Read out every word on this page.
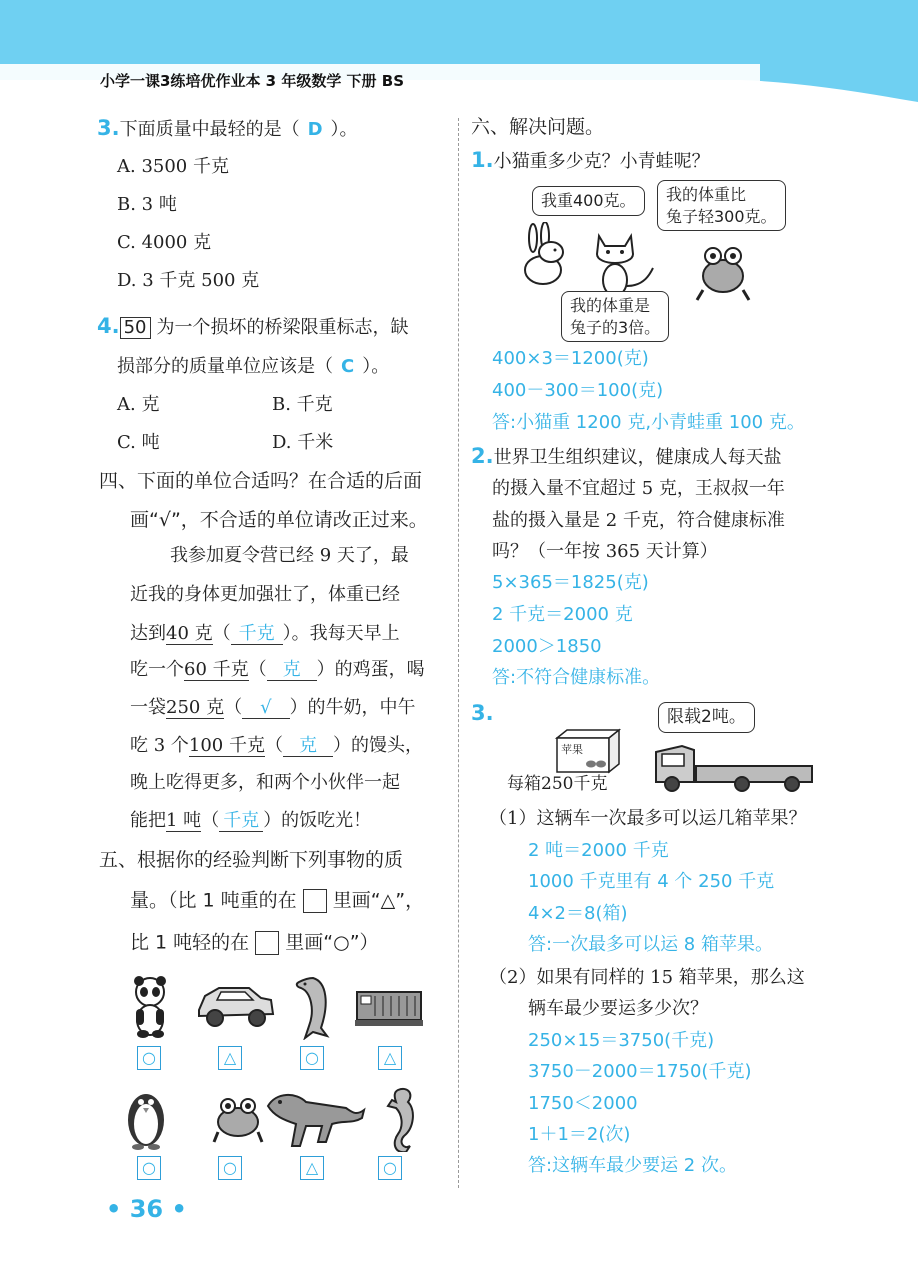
小学一课3练培优作业本 3 年级数学 下册 BS
3.下面质量中最轻的是（ D ）。
A. 3500 千克
B. 3 吨
C. 4000 克
D. 3 千克 500 克
4. 50 为一个损坏的桥梁限重标志，缺
损部分的质量单位应该是（ C ）。
A. 克	B. 千克
C. 吨	D. 千米
四、下面的单位合适吗？在合适的后面
画“√”，不合适的单位请改正过来。
我参加夏令营已经 9 天了，最
近我的身体更加强壮了，体重已经
达到40 克（ 千克 ）。我每天早上
吃一个60 千克（ 克 ）的鸡蛋，喝
一袋250 克（ √ ）的牛奶，中午
吃 3 个100 千克（ 克 ）的馒头，
晚上吃得更多，和两个小伙伴一起
能把1 吨（ 千克 ）的饭吃光！
五、根据你的经验判断下列事物的质
量。（比 1 吨重的在 里画“△”，
比 1 吨轻的在 里画“○”）
○	△	○	△
○	○	△	○
• 36 •
六、解决问题。
1.小猫重多少克？小青蛙呢？
我重400克。	我的体重比
兔子轻300克。
我的体重是
兔子的3倍。
400×3＝1200(克)
400－300＝100(克)
答:小猫重 1200 克,小青蛙重 100 克。
2.世界卫生组织建议，健康成人每天盐
的摄入量不宜超过 5 克，王叔叔一年
盐的摄入量是 2 千克，符合健康标准
吗？（一年按 365 天计算）
5×365＝1825(克)
2 千克＝2000 克
2000＞1850
答:不符合健康标准。
3.
苹果
每箱250千克
限载2吨。
（1）这辆车一次最多可以运几箱苹果？
2 吨＝2000 千克
1000 千克里有 4 个 250 千克
4×2＝8(箱)
答:一次最多可以运 8 箱苹果。
（2）如果有同样的 15 箱苹果，那么这
辆车最少要运多少次？
250×15＝3750(千克)
3750－2000＝1750(千克)
1750＜2000
1＋1＝2(次)
答:这辆车最少要运 2 次。
